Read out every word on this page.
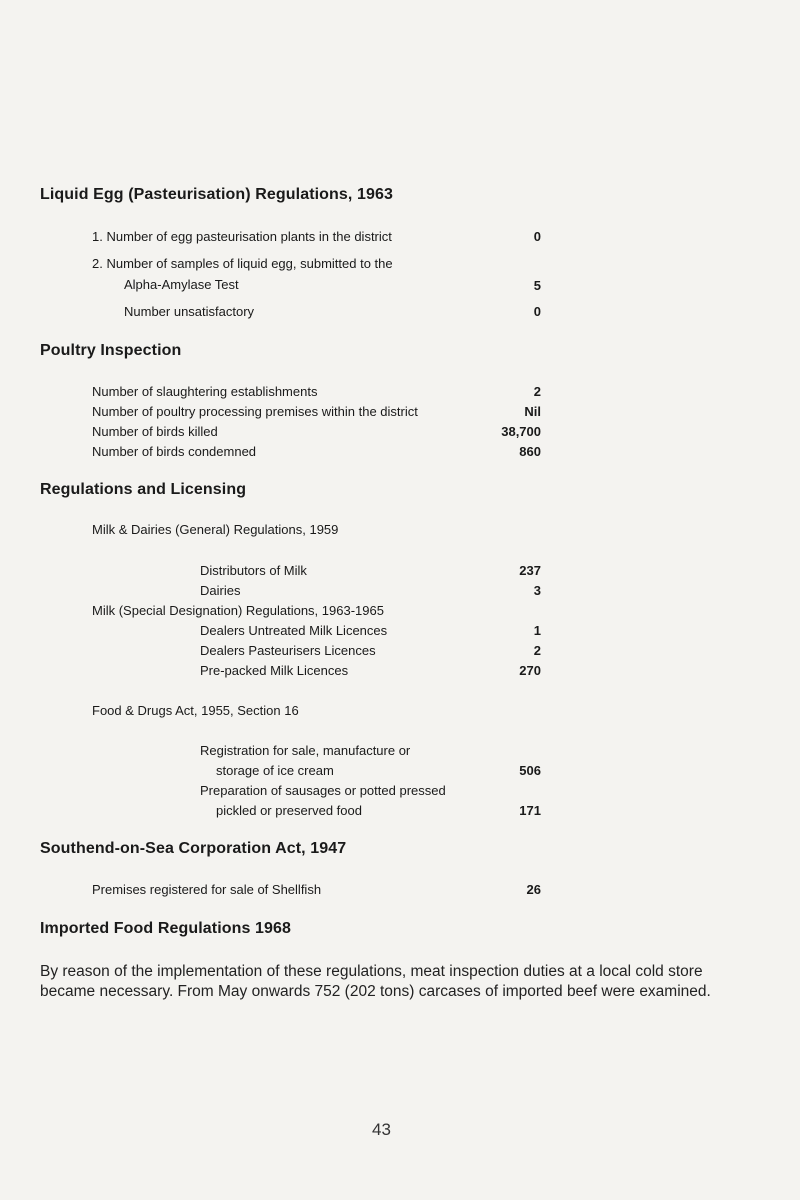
Liquid Egg (Pasteurisation) Regulations, 1963
1. Number of egg pasteurisation plants in the district	0
2. Number of samples of liquid egg, submitted to the
Alpha-Amylase Test	5
Number unsatisfactory	0
Poultry Inspection
Number of slaughtering establishments	2
Number of poultry processing premises within the district	Nil
Number of birds killed	38,700
Number of birds condemned	860
Regulations and Licensing
Milk & Dairies (General) Regulations, 1959
Distributors of Milk	237
Dairies	3
Milk (Special Designation) Regulations, 1963-1965
Dealers Untreated Milk Licences	1
Dealers Pasteurisers Licences	2
Pre-packed Milk Licences	270
Food & Drugs Act, 1955, Section 16
Registration for sale, manufacture or
storage of ice cream	506
Preparation of sausages or potted pressed
pickled or preserved food	171
Southend-on-Sea Corporation Act, 1947
Premises registered for sale of Shellfish	26
Imported Food Regulations 1968
By reason of the implementation of these regulations, meat inspection duties at a local cold store became necessary. From May onwards 752 (202 tons) carcases of imported beef were examined.
43
